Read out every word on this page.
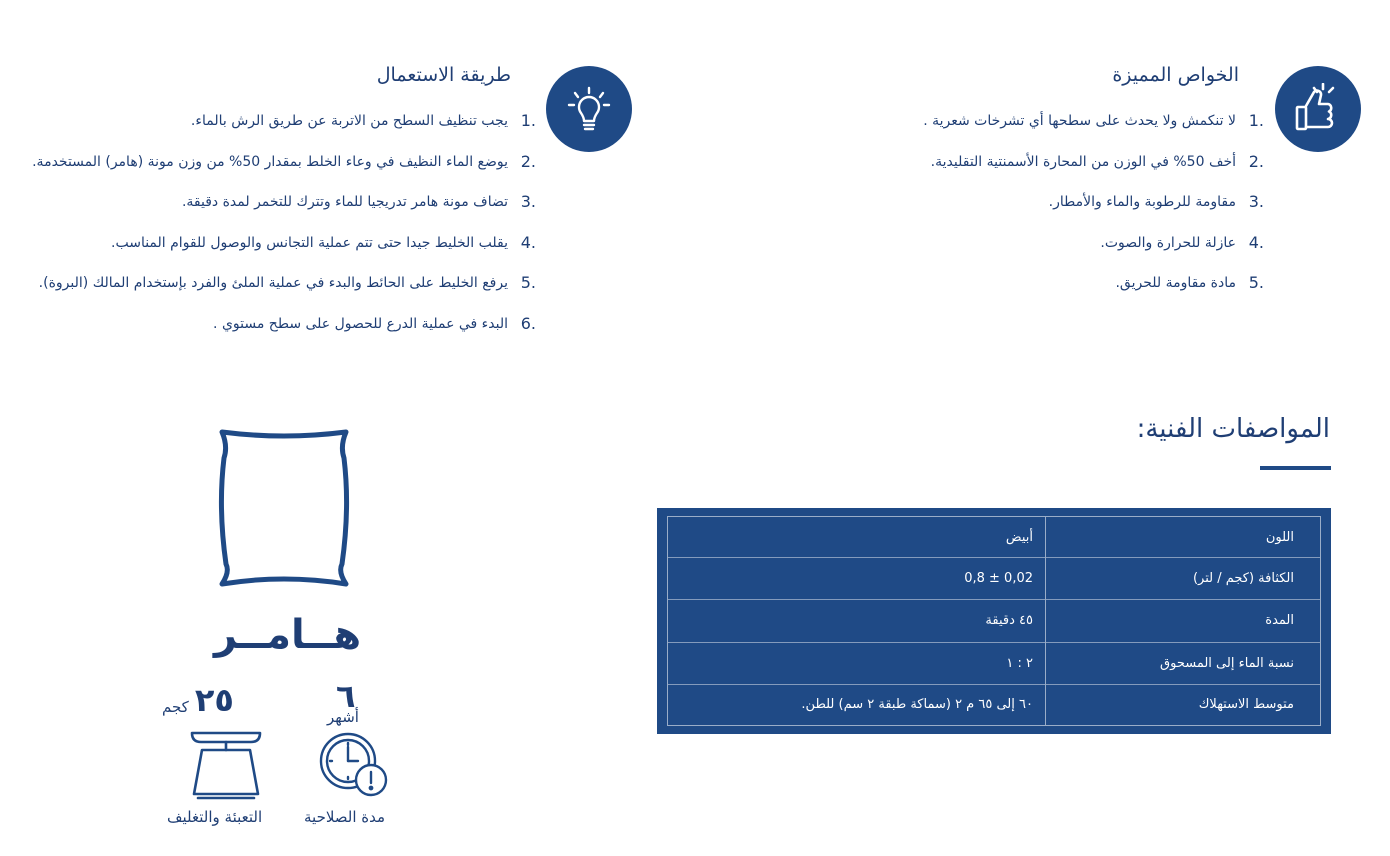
الخواص المميزة
1.
لا تنكمش ولا يحدث على سطحها أي تشرخات شعرية .
2.
أخف 50% في الوزن من المحارة الأسمنتية التقليدية.
3.
مقاومة للرطوبة والماء والأمطار.
4.
عازلة للحرارة والصوت.
5.
مادة مقاومة للحريق.
طريقة الاستعمال
1.
يجب تنظيف السطح من الاتربة عن طريق الرش بالماء.
2.
يوضع الماء النظيف في وعاء الخلط بمقدار 50% من وزن مونة (هامر) المستخدمة.
3.
تضاف مونة هامر تدريجيا للماء وتترك للتخمر لمدة دقيقة.
4.
يقلب الخليط جيدا حتى تتم عملية التجانس والوصول للقوام المناسب.
5.
يرفع الخليط على الحائط والبدء في عملية الملئ والفرد بإستخدام المالك (البروة).
6.
البدء في عملية الدرع للحصول على سطح مستوي .
المواصفات الفنية:
اللون	أبيض
الكثافة (كجم / لتر)	0,8 ± 0,02
المدة	٤٥ دقيقة
نسبة الماء إلى المسحوق	٢ : ١
متوسط الاستهلاك	٦٠ إلى ٦٥ م ٢ (سماكة طبقة ٢ سم) للطن.
هــامــر
٦
أشهر
مدة الصلاحية
٢٥
كجم
التعبئة والتغليف
